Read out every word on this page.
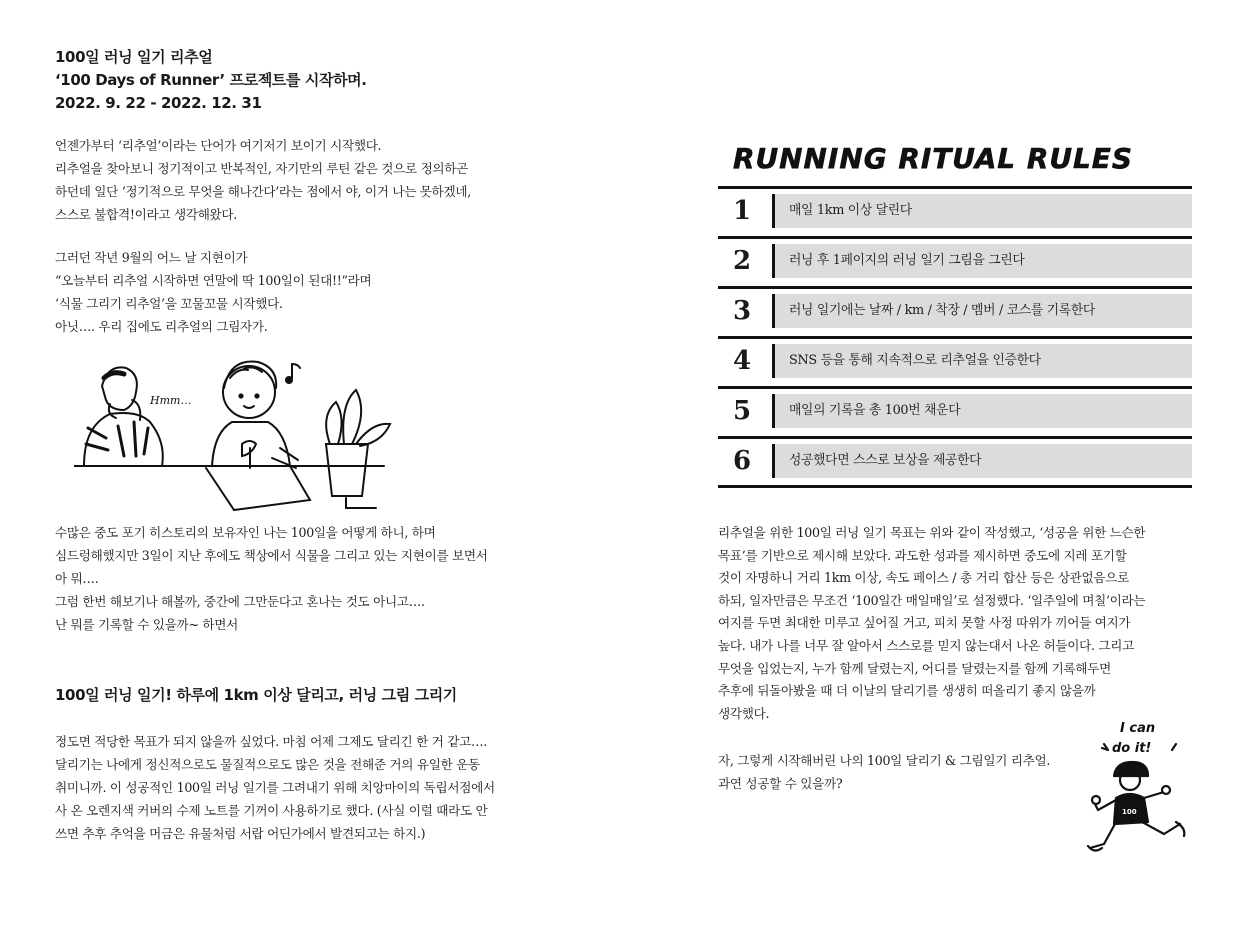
100일 러닝 일기 리추얼
‘100 Days of Runner’ 프로젝트를 시작하며.
2022. 9. 22 - 2022. 12. 31
언젠가부터 ‘리추얼’이라는 단어가 여기저기 보이기 시작했다.
리추얼을 찾아보니 정기적이고 반복적인, 자기만의 루틴 같은 것으로 정의하곤
하던데 일단 ‘정기적으로 무엇을 해나간다’라는 점에서 야, 이거 나는 못하겠네,
스스로 불합격!이라고 생각해왔다.
그러던 작년 9월의 어느 날 지현이가
“오늘부터 리추얼 시작하면 연말에 딱 100일이 된대!!”라며
‘식물 그리기 리추얼’을 꼬물꼬물 시작했다.
아닛…. 우리 집에도 리추얼의 그림자가.
Hmm…
수많은 중도 포기 히스토리의 보유자인 나는 100일을 어떻게 하니, 하며
심드렁해했지만 3일이 지난 후에도 책상에서 식물을 그리고 있는 지현이를 보면서
아 뭐….
그럼 한번 해보기나 해볼까, 중간에 그만둔다고 혼나는 것도 아니고….
난 뭐를 기록할 수 있을까~ 하면서
100일 러닝 일기! 하루에 1km 이상 달리고, 러닝 그림 그리기
정도면 적당한 목표가 되지 않을까 싶었다. 마침 어제 그제도 달리긴 한 거 같고….
달리기는 나에게 정신적으로도 물질적으로도 많은 것을 전해준 거의 유일한 운동
취미니까. 이 성공적인 100일 러닝 일기를 그려내기 위해 치앙마이의 독립서점에서
사 온 오렌지색 커버의 수제 노트를 기꺼이 사용하기로 했다. (사실 이럴 때라도 안
쓰면 추후 추억을 머금은 유물처럼 서랍 어딘가에서 발견되고는 하지.)
RUNNING RITUAL RULES
1	매일 1km 이상 달린다
2	러닝 후 1페이지의 러닝 일기 그림을 그린다
3	러닝 일기에는 날짜 / km / 착장 / 멤버 / 코스를 기록한다
4	SNS 등을 통해 지속적으로 리추얼을 인증한다
5	매일의 기록을 총 100번 채운다
6	성공했다면 스스로 보상을 제공한다
리추얼을 위한 100일 러닝 일기 목표는 위와 같이 작성했고, ‘성공을 위한 느슨한
목표’를 기반으로 제시해 보았다. 과도한 성과를 제시하면 중도에 지레 포기할
것이 자명하니 거리 1km 이상, 속도 페이스 / 총 거리 합산 등은 상관없음으로
하되, 일자만큼은 무조건 ‘100일간 매일매일’로 설정했다. ‘일주일에 며칠’이라는
여지를 두면 최대한 미루고 싶어질 거고, 피치 못할 사정 따위가 끼어들 여지가
높다. 내가 나를 너무 잘 알아서 스스로를 믿지 않는대서 나온 허들이다. 그리고
무엇을 입었는지, 누가 함께 달렸는지, 어디를 달렸는지를 함께 기록해두면
추후에 뒤돌아봤을 때 더 이날의 달리기를 생생히 떠올리기 좋지 않을까
생각했다.
자, 그렇게 시작해버린 나의 100일 달리기 & 그림일기 리추얼.
과연 성공할 수 있을까?
I can
do it!
100
